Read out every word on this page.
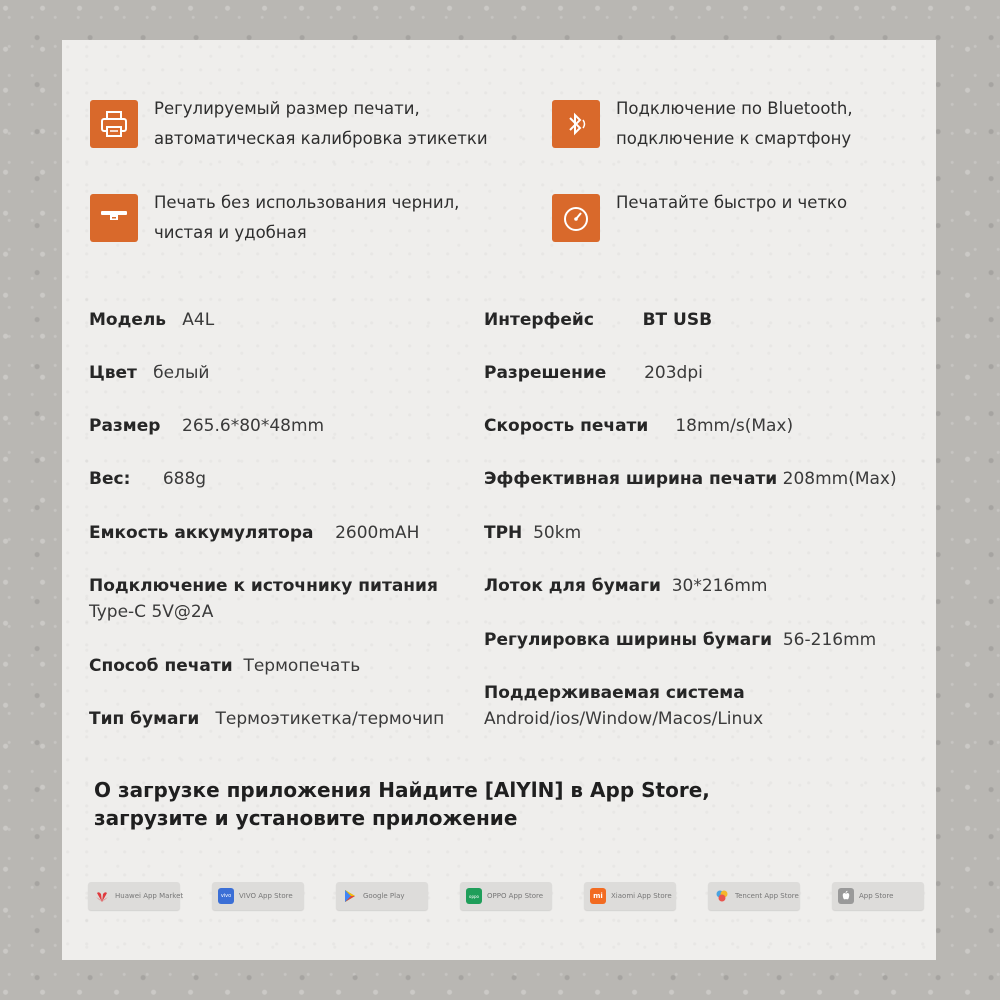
Регулируемый размер печати,
автоматическая калибровка этикетки
Подключение по Bluetooth,
подключение к смартфону
Печать без использования чернил,
чистая и удобная
Печатайте быстро и четко
Модель A4L
Цвет белый
Размер 265.6*80*48mm
Вес: 688g
Емкость аккумулятора 2600mAH
Подключение к источнику питания
Type-C 5V@2A
Способ печати Термопечать
Тип бумаги Термоэтикетка/термочип
Интерфейс	BT USB
Разрешение 203dpi
Скорость печати 18mm/s(Max)
Эффективная ширина печати 208mm(Max)
TPH 50km
Лоток для бумаги 30*216mm
Регулировка ширины бумаги 56-216mm
Поддерживаемая система
Android/ios/Window/Macos/Linux
О загрузке приложения Найдите [AlYlN] в App Store,
загрузите и установите приложение
Huawei App Market	vivo VIVO App Store	Google Play	oppo OPPO App Store	mi Xiaomi App Store	Tencent App Store	App Store
